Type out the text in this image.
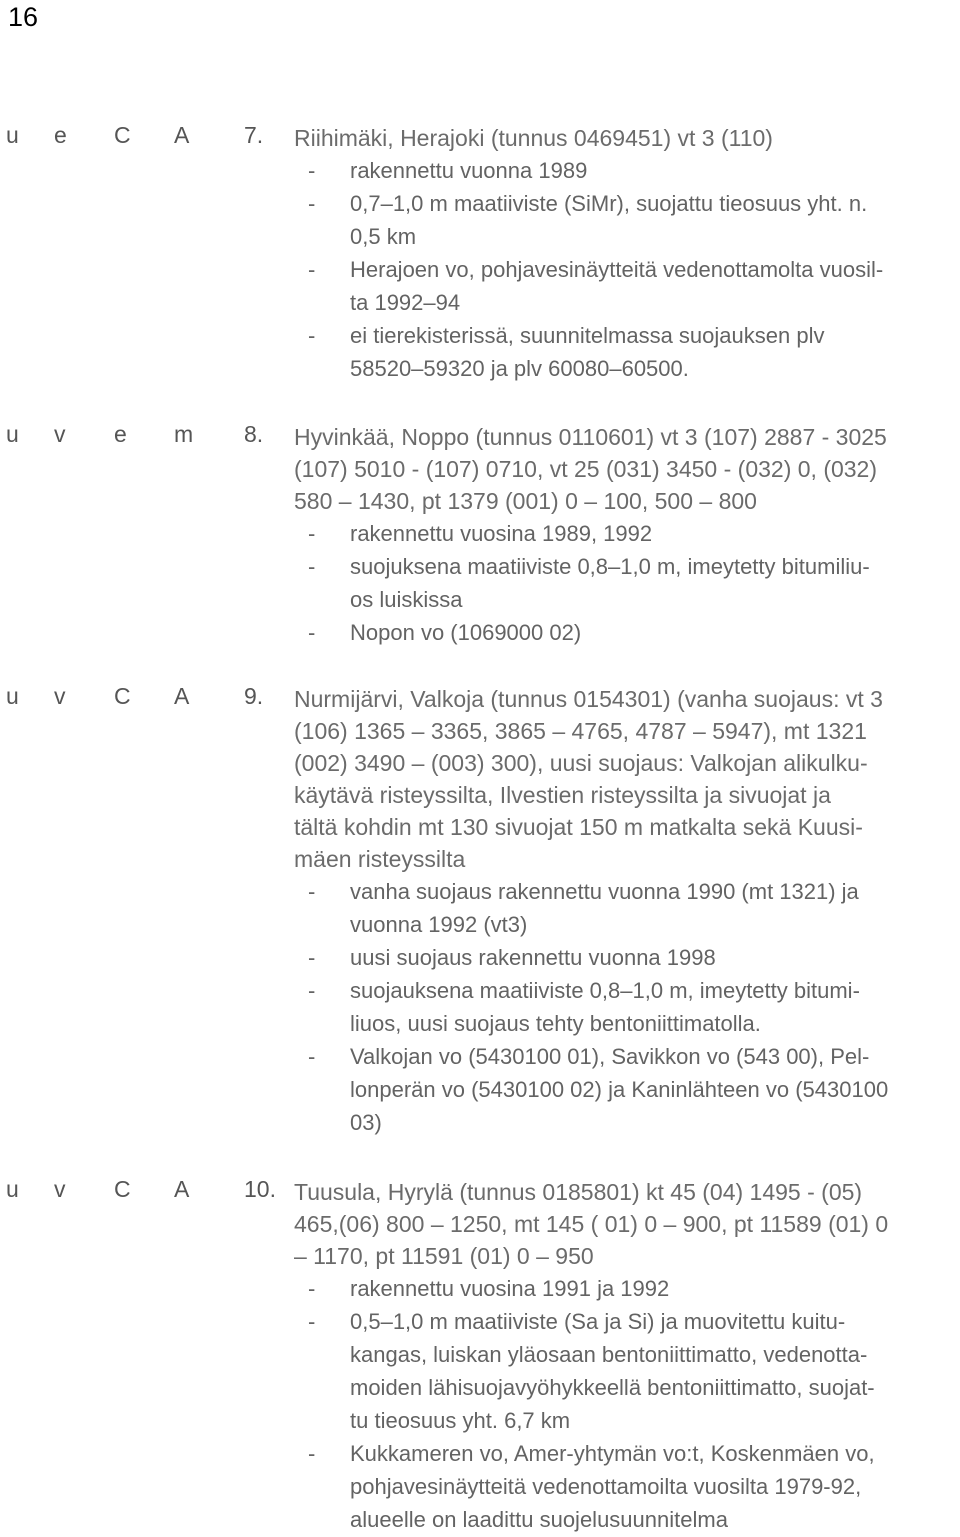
16
u e C A 7. Riihimäki, Herajoki (tunnus 0469451) vt 3 (110)
- rakennettu vuonna 1989
- 0,7–1,0 m maatiiviste (SiMr), suojattu tieosuus yht. n.
0,5 km
- Herajoen vo, pohjavesinäytteitä vedenottamolta vuosil-
ta 1992–94
- ei tierekisterissä, suunnitelmassa suojauksen plv
58520–59320 ja plv 60080–60500.
u v e m 8. Hyvinkää, Noppo (tunnus 0110601) vt 3 (107) 2887 - 3025
(107) 5010 - (107) 0710, vt 25 (031) 3450 - (032) 0, (032)
580 – 1430, pt 1379 (001) 0 – 100, 500 – 800
- rakennettu vuosina 1989, 1992
- suojuksena maatiiviste 0,8–1,0 m, imeytetty bitumiliu-
os luiskissa
- Nopon vo (1069000 02)
u v C A 9. Nurmijärvi, Valkoja (tunnus 0154301) (vanha suojaus: vt 3
(106) 1365 – 3365, 3865 – 4765, 4787 – 5947), mt 1321
(002) 3490 – (003) 300), uusi suojaus: Valkojan alikulku-
käytävä risteyssilta, Ilvestien risteyssilta ja sivuojat ja
tältä kohdin mt 130 sivuojat 150 m matkalta sekä Kuusi-
mäen risteyssilta
- vanha suojaus rakennettu vuonna 1990 (mt 1321) ja
vuonna 1992 (vt3)
- uusi suojaus rakennettu vuonna 1998
- suojauksena maatiiviste 0,8–1,0 m, imeytetty bitumi-
liuos, uusi suojaus tehty bentoniittimatolla.
- Valkojan vo (5430100 01), Savikkon vo (543 00), Pel-
lonperän vo (5430100 02) ja Kaninlähteen vo (5430100
03)
u v C A 10. Tuusula, Hyrylä (tunnus 0185801) kt 45 (04) 1495 - (05)
465,(06) 800 – 1250, mt 145 ( 01) 0 – 900, pt 11589 (01) 0
– 1170, pt 11591 (01) 0 – 950
- rakennettu vuosina 1991 ja 1992
- 0,5–1,0 m maatiiviste (Sa ja Si) ja muovitettu kuitu-
kangas, luiskan yläosaan bentoniittimatto, vedenotta-
moiden lähisuojavyöhykkeellä bentoniittimatto, suojat-
tu tieosuus yht. 6,7 km
- Kukkameren vo, Amer-yhtymän vo:t, Koskenmäen vo,
pohjavesinäytteitä vedenottamoilta vuosilta 1979-92,
alueelle on laadittu suojelusuunnitelma
